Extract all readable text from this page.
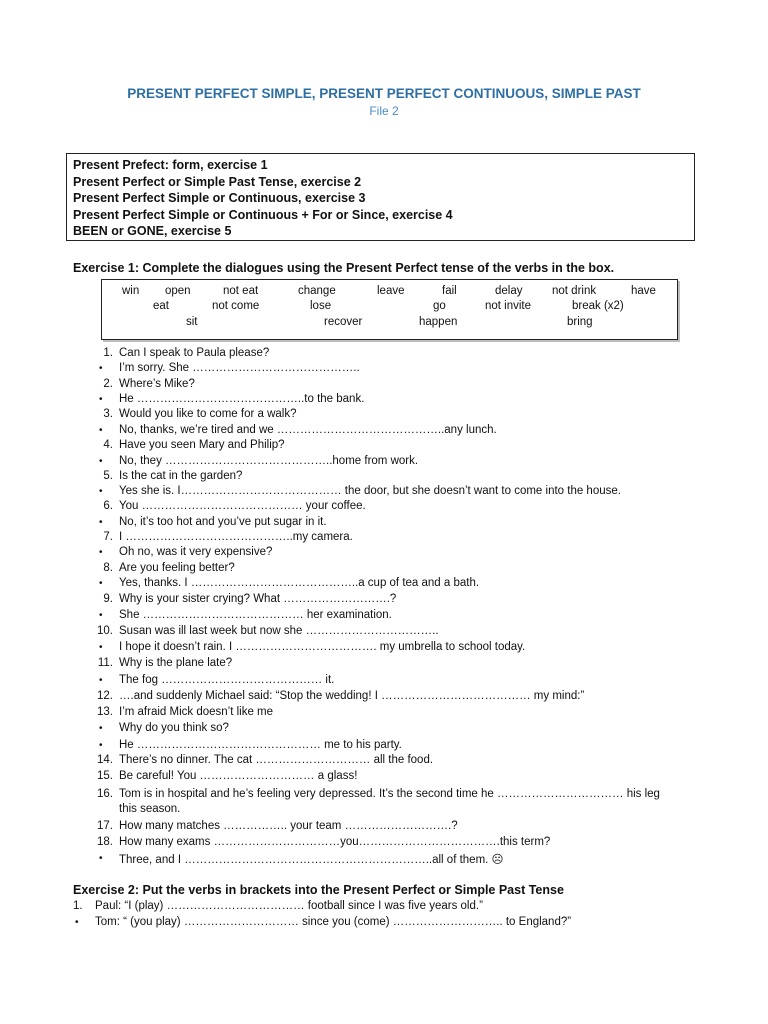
PRESENT PERFECT SIMPLE, PRESENT PERFECT CONTINUOUS, SIMPLE PAST
File 2
Present Prefect: form, exercise 1
Present Perfect or Simple Past Tense, exercise 2
Present Perfect Simple or Continuous, exercise 3
Present Perfect Simple or Continuous + For or Since, exercise 4
BEEN or GONE, exercise 5
Exercise 1: Complete the dialogues using the Present Perfect tense of the verbs in the box.
win open	not eat	change	leave	fail	delay	not drink	have
eat	not come	lose	go	not invite	break (x2)
sit	recover	happen	bring
1. Can I speak to Paula please?
• I’m sorry. She ……………………………………..
2. Where’s Mike?
• He ……………………………………..to the bank.
3. Would you like to come for a walk?
• No, thanks, we’re tired and we ……………………………………..any lunch.
4. Have you seen Mary and Philip?
• No, they ……………………………………..home from work.
5. Is the cat in the garden?
• Yes she is. I…………………………………… the door, but she doesn’t want to come into the house.
6. You …………………………………… your coffee.
• No, it’s too hot and you’ve put sugar in it.
7. I ……………………………………..my camera.
• Oh no, was it very expensive?
8. Are you feeling better?
• Yes, thanks. I ……………………………………..a cup of tea and a bath.
9. Why is your sister crying? What ……………………….?
• She …………………………………… her examination.
10. Susan was ill last week but now she ……………………………..
• I hope it doesn’t rain. I ………………………………. my umbrella to school today.
11. Why is the plane late?
• The fog …………………………………… it.
12. ….and suddenly Michael said: “Stop the wedding! I ………………………………… my mind:”
13. I’m afraid Mick doesn’t like me
• Why do you think so?
• He ………………………………………… me to his party.
14. There’s no dinner. The cat ………………………… all the food.
15. Be careful! You ………………………… a glass!
16. Tom is in hospital and he’s feeling very depressed. It’s the second time he …………………………… his leg
this season.
17. How many matches …………….. your team ……………………….?
18. How many exams ……………………………you……………………………….this term?
• Three, and I ………………………………………………………..all of them. ☹
Exercise 2: Put the verbs in brackets into the Present Perfect or Simple Past Tense
1. Paul: “I (play) ……………………………… football since I was five years old.”
• Tom: “ (you play) ………………………… since you (come) ……………………….. to England?”
